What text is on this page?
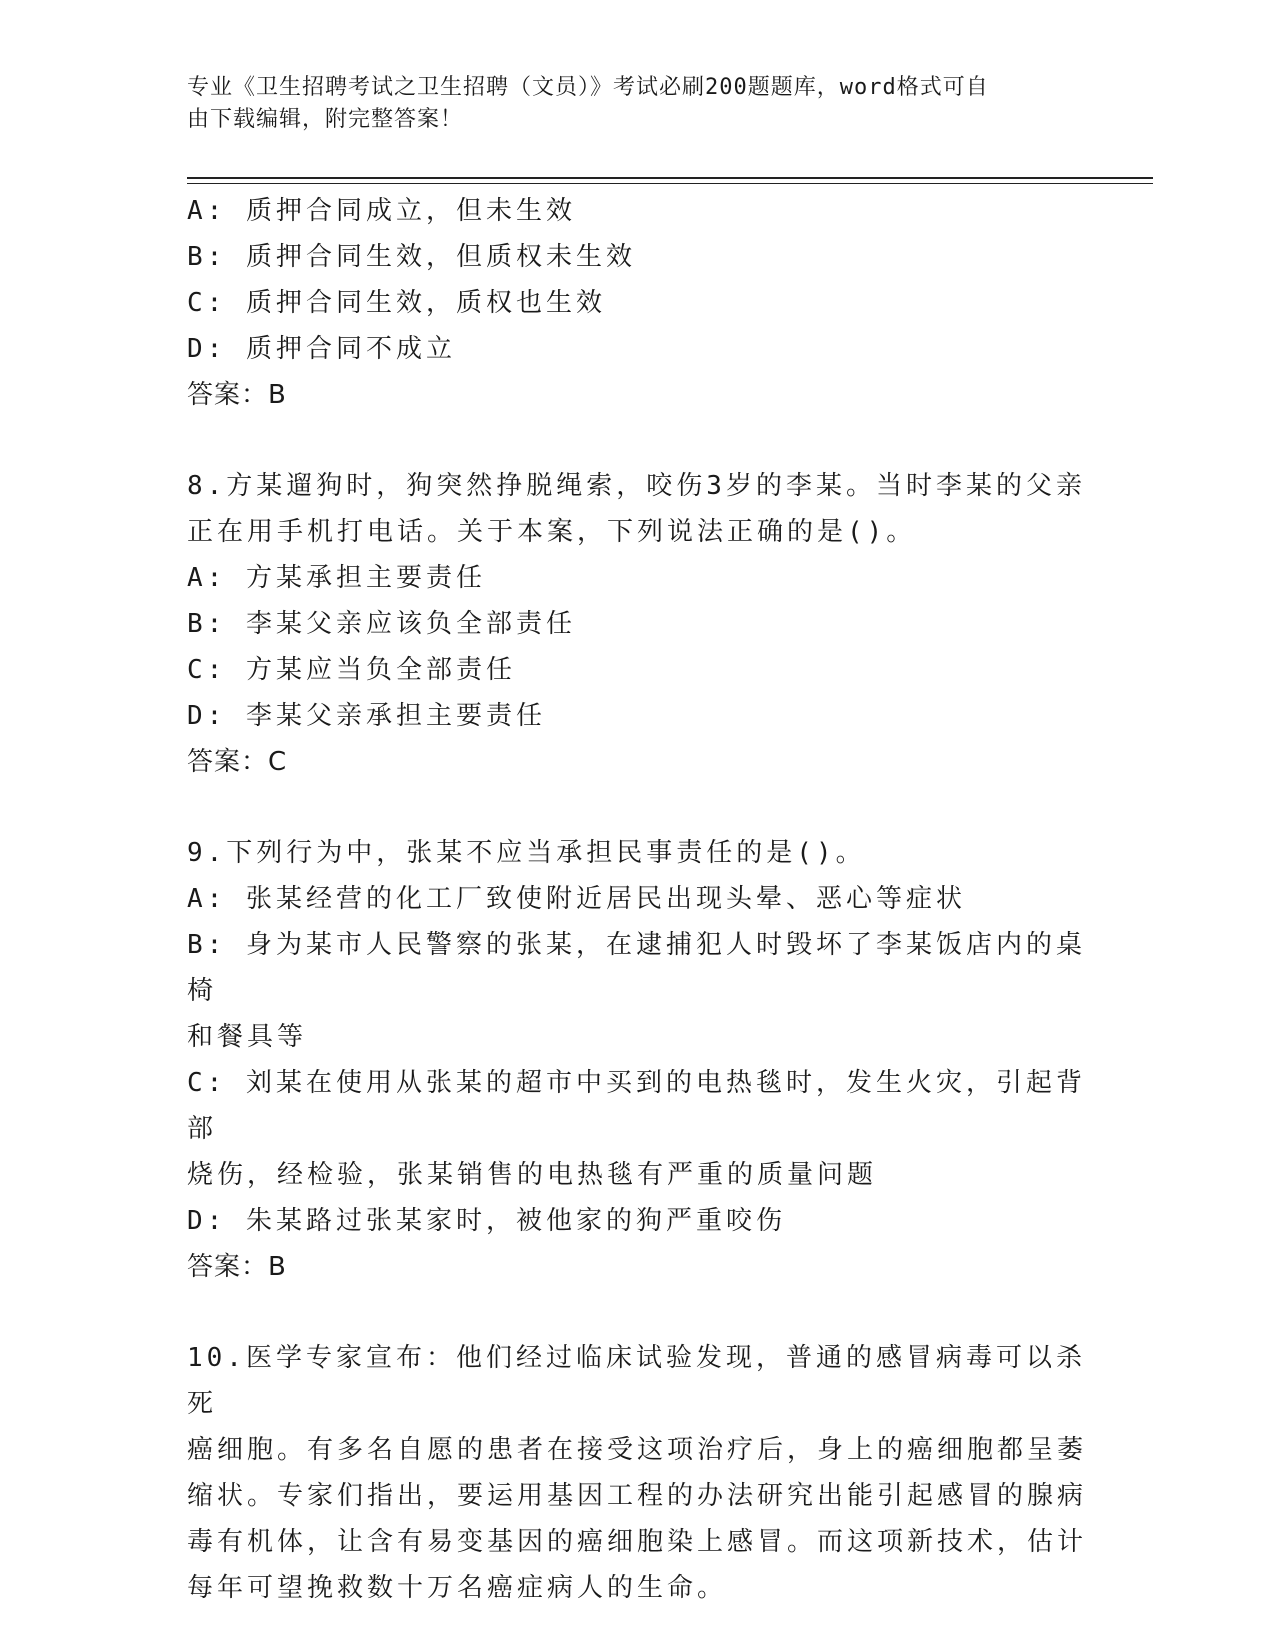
专业《卫生招聘考试之卫生招聘（文员）》考试必刷200题题库，word格式可自
由下载编辑，附完整答案！
A: 质押合同成立，但未生效
B: 质押合同生效，但质权未生效
C: 质押合同生效，质权也生效
D: 质押合同不成立
答案：B
8.方某遛狗时，狗突然挣脱绳索，咬伤3岁的李某。当时李某的父亲
正在用手机打电话。关于本案，下列说法正确的是()。
A: 方某承担主要责任
B: 李某父亲应该负全部责任
C: 方某应当负全部责任
D: 李某父亲承担主要责任
答案：C
9.下列行为中，张某不应当承担民事责任的是()。
A: 张某经营的化工厂致使附近居民出现头晕、恶心等症状
B: 身为某市人民警察的张某，在逮捕犯人时毁坏了李某饭店内的桌椅
和餐具等
C: 刘某在使用从张某的超市中买到的电热毯时，发生火灾，引起背部
烧伤，经检验，张某销售的电热毯有严重的质量问题
D: 朱某路过张某家时，被他家的狗严重咬伤
答案：B
10.医学专家宣布：他们经过临床试验发现，普通的感冒病毒可以杀死
癌细胞。有多名自愿的患者在接受这项治疗后，身上的癌细胞都呈萎
缩状。专家们指出，要运用基因工程的办法研究出能引起感冒的腺病
毒有机体，让含有易变基因的癌细胞染上感冒。而这项新技术，估计
每年可望挽救数十万名癌症病人的生命。
